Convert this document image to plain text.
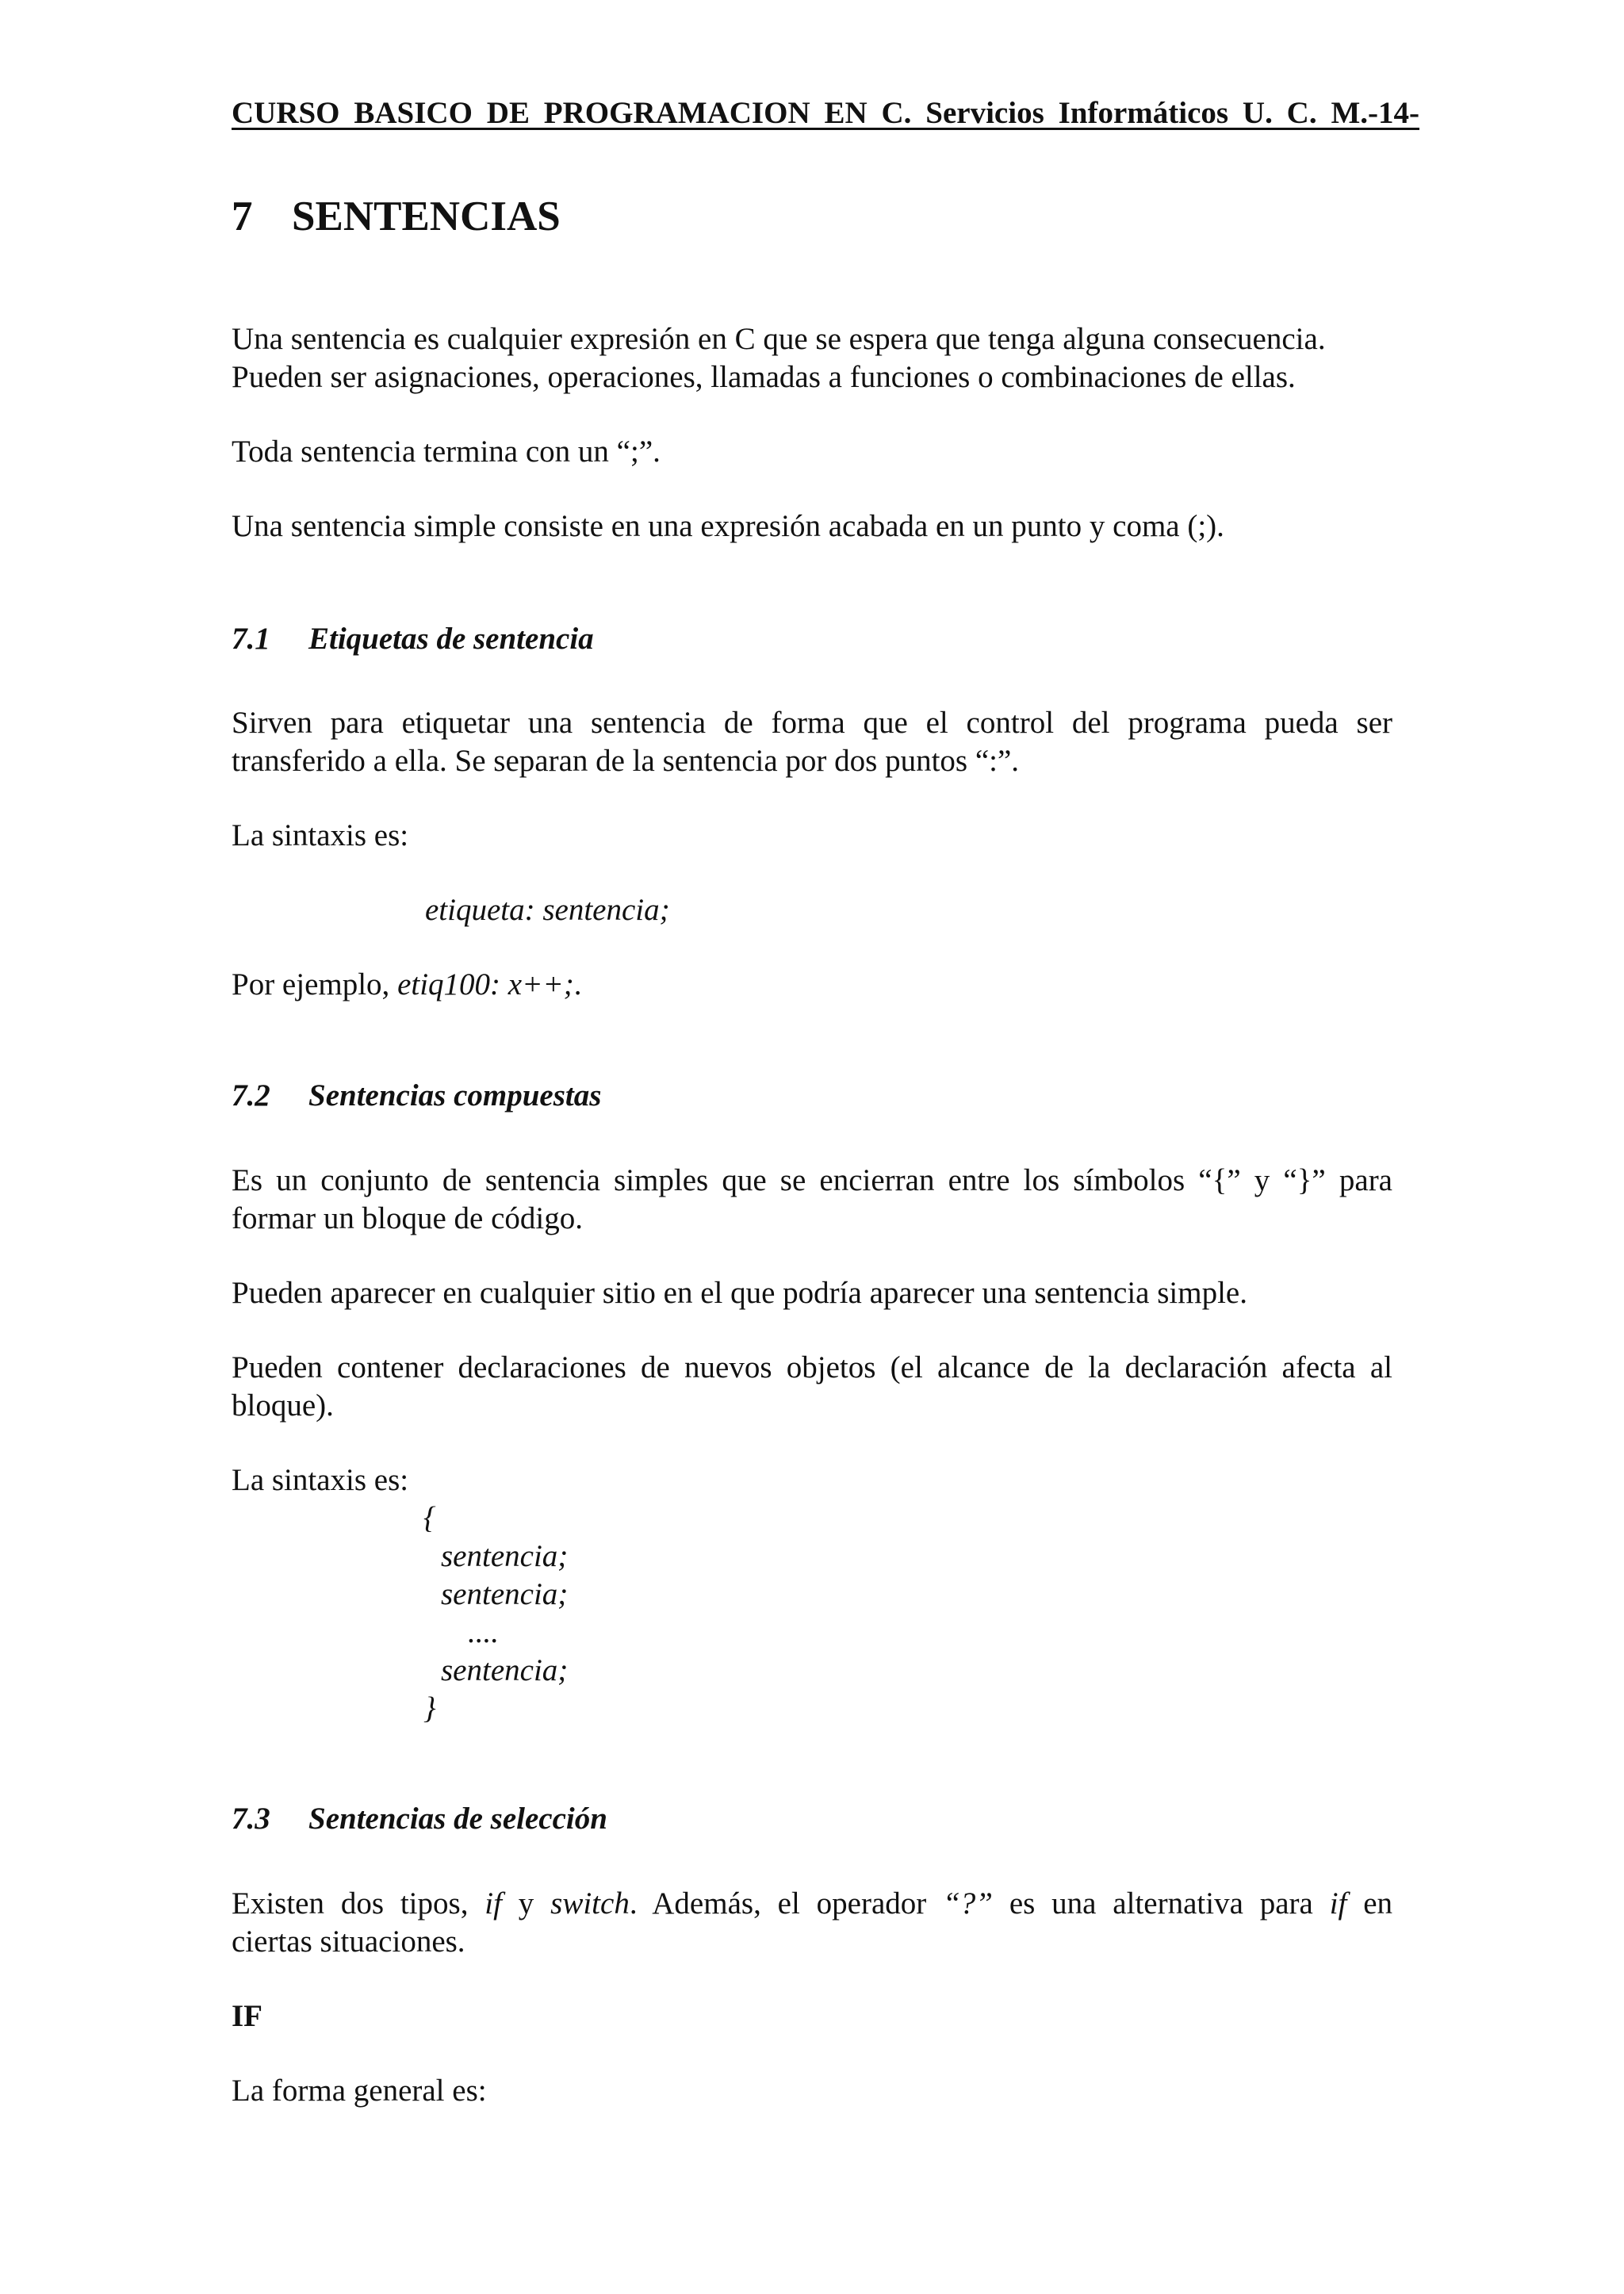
CURSO BASICO DE PROGRAMACION EN C. Servicios Informáticos U. C. M.-14-
7 SENTENCIAS
Una sentencia es cualquier expresión en C que se espera que tenga alguna consecuencia.
Pueden ser asignaciones, operaciones, llamadas a funciones o combinaciones de ellas.
Toda sentencia termina con un “;”.
Una sentencia simple consiste en una expresión acabada en un punto y coma (;).
7.1 Etiquetas de sentencia
Sirven para etiquetar una sentencia de forma que el control del programa pueda ser
transferido a ella. Se separan de la sentencia por dos puntos “:”.
La sintaxis es:
etiqueta: sentencia;
Por ejemplo, etiq100: x++;.
7.2 Sentencias compuestas
Es un conjunto de sentencia simples que se encierran entre los símbolos “{” y “}” para
formar un bloque de código.
Pueden aparecer en cualquier sitio en el que podría aparecer una sentencia simple.
Pueden contener declaraciones de nuevos objetos (el alcance de la declaración afecta al
bloque).
La sintaxis es:
{
sentencia;
sentencia;
....
sentencia;
}
7.3 Sentencias de selección
Existen dos tipos, if y switch. Además, el operador “?” es una alternativa para if en
ciertas situaciones.
IF
La forma general es:
